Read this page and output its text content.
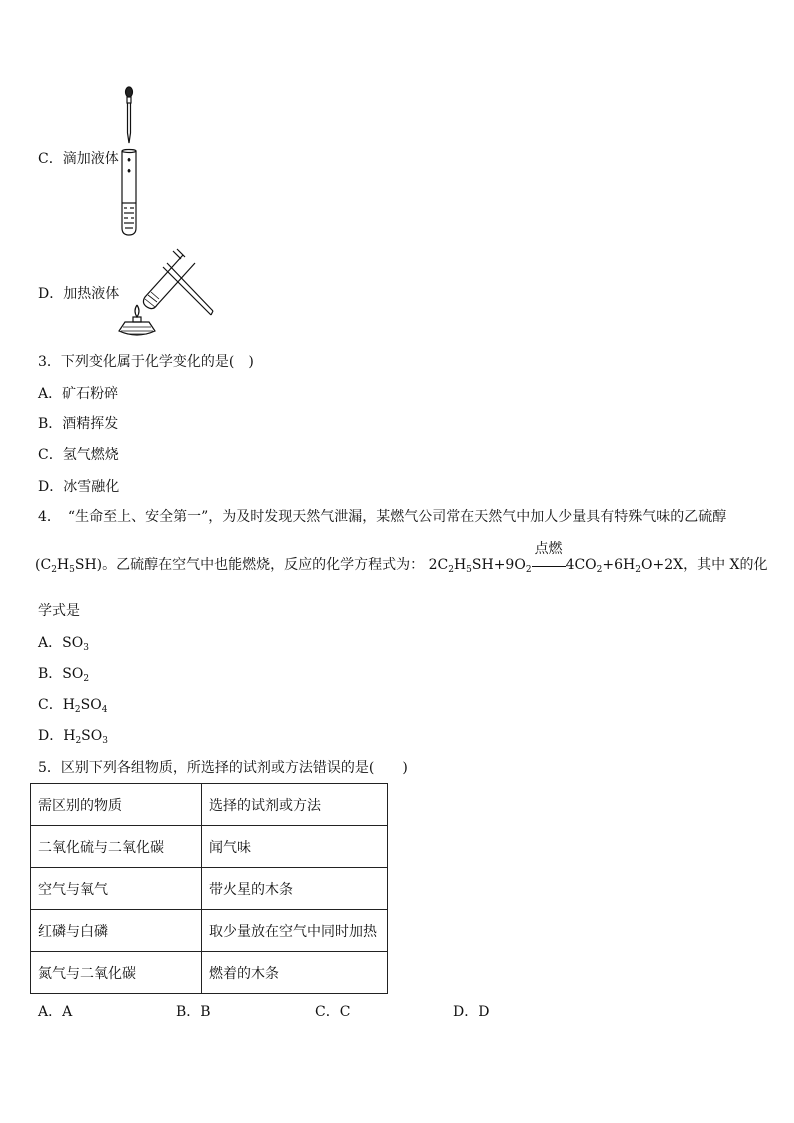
C．滴加液体
D．加热液体
3．下列变化属于化学变化的是(　)
A．矿石粉碎
B．酒精挥发
C．氢气燃烧
D．冰雪融化
4．　“生命至上、安全第一”，为及时发现天然气泄漏，某燃气公司常在天然气中加人少量具有特殊气味的乙硫醇
$(C_2H_5SH)$。乙硫醇在空气中也能燃烧，反应的化学方程式为： $2C_2H_5SH+9O_2$
点燃
$4CO_2+6H_2O+2X$，其中 X的化
学式是
A．$SO_3$
B．$SO_2$
C．$H_2SO_4$
D．$H_2SO_3$
5．区别下列各组物质，所选择的试剂或方法错误的是(　　)
需区别的物质	选择的试剂或方法
二氧化硫与二氧化碳	闻气味
空气与氧气	带火星的木条
红磷与白磷	取少量放在空气中同时加热
氮气与二氧化碳	燃着的木条
A．A	B．B	C．C	D．D
